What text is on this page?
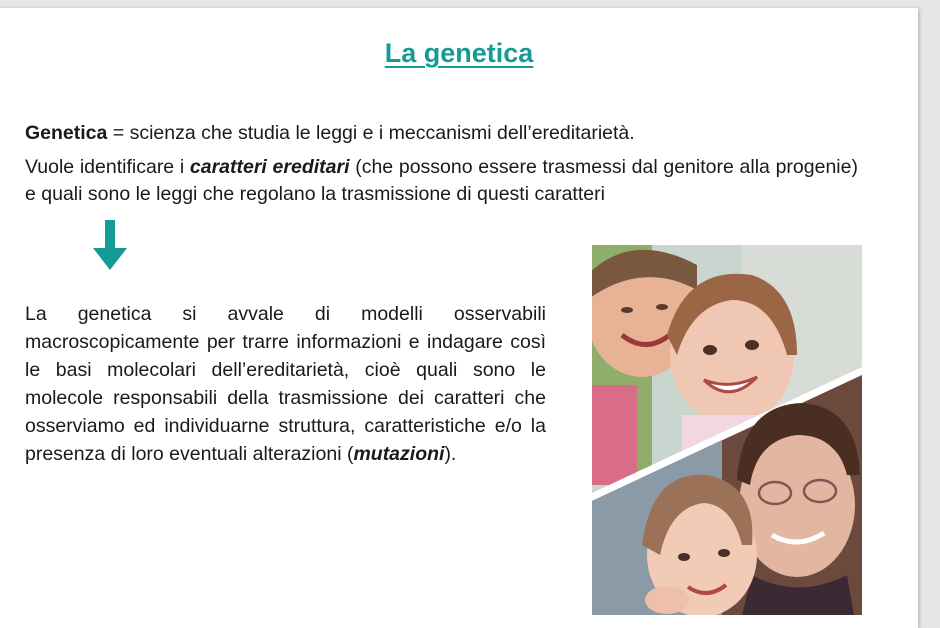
La genetica
Genetica = scienza che studia le leggi e i meccanismi dell’ereditarietà.
Vuole identificare i caratteri ereditari (che possono essere trasmessi dal genitore alla progenie) e quali sono le leggi che regolano la trasmissione di questi caratteri
La genetica si avvale di modelli osservabili macroscopicamente per trarre informazioni e indagare così le basi molecolari dell’ereditarietà, cioè quali sono le molecole responsabili della trasmissione dei caratteri che osserviamo ed individuarne struttura, caratteristiche e/o la presenza di loro eventuali alterazioni (mutazioni).
